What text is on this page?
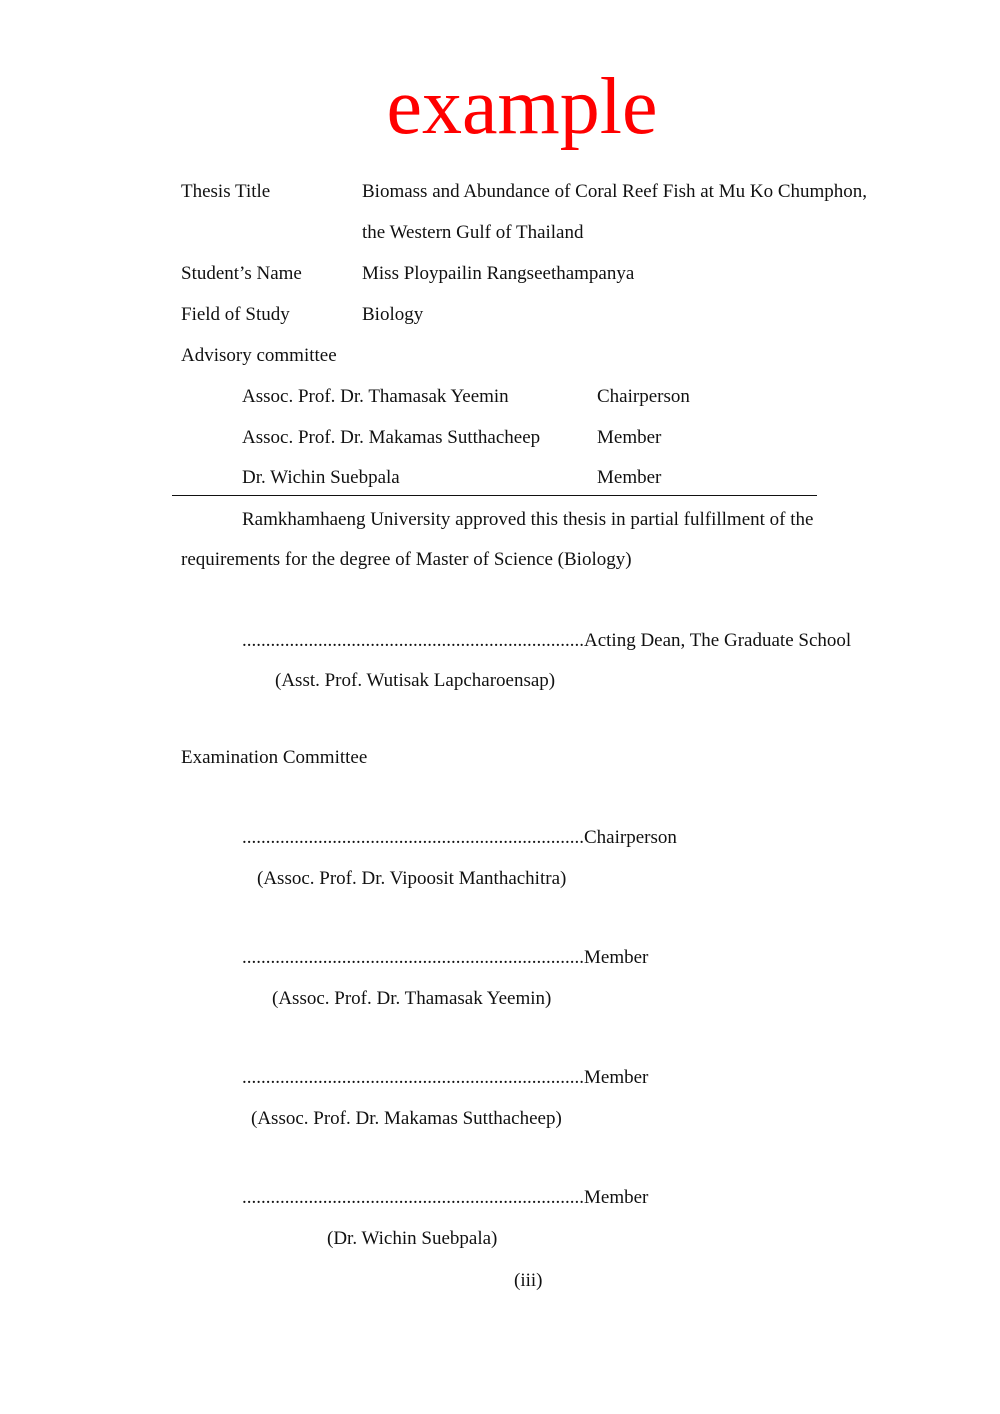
example
Thesis Title	Biomass and Abundance of Coral Reef Fish at Mu Ko Chumphon,
the Western Gulf of Thailand
Student’s Name	Miss Ploypailin Rangseethampanya
Field of Study	Biology
Advisory committee
Assoc. Prof. Dr. Thamasak Yeemin	Chairperson
Assoc. Prof. Dr. Makamas Sutthacheep	Member
Dr. Wichin Suebpala	Member
Ramkhamhaeng University approved this thesis in partial fulfillment of the
requirements for the degree of Master of Science (Biology)
........................................................................Acting Dean, The Graduate School
(Asst. Prof. Wutisak Lapcharoensap)
Examination Committee
........................................................................Chairperson
(Assoc. Prof. Dr. Vipoosit Manthachitra)
........................................................................Member
(Assoc. Prof. Dr. Thamasak Yeemin)
........................................................................Member
(Assoc. Prof. Dr. Makamas Sutthacheep)
........................................................................Member
(Dr. Wichin Suebpala)
(iii)
